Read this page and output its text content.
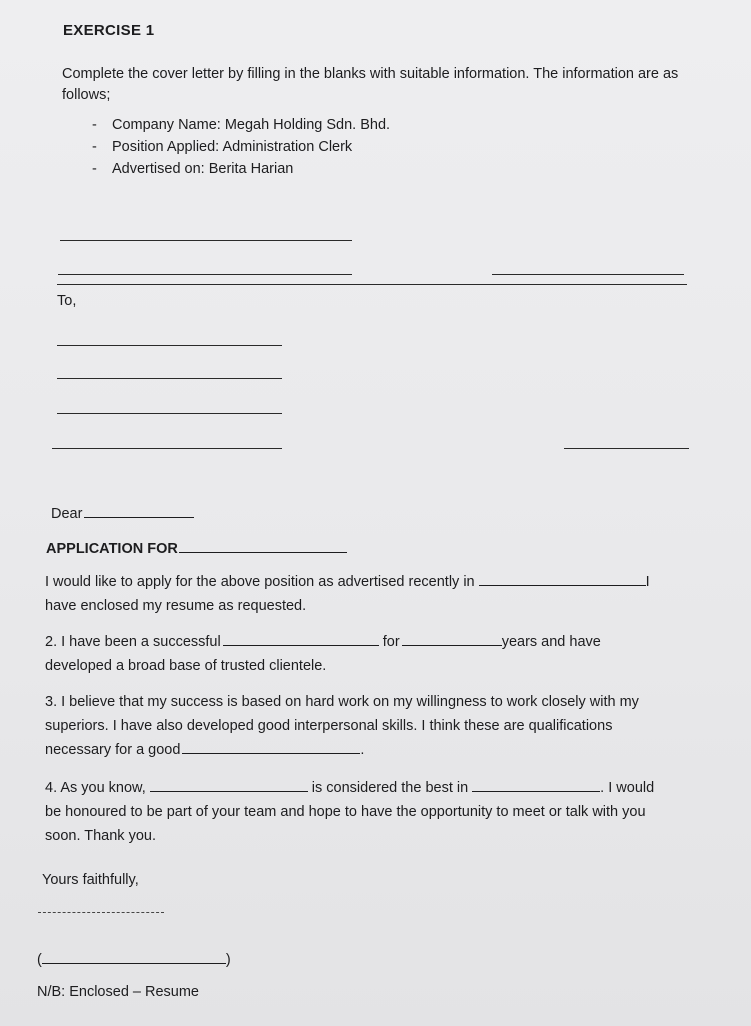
EXERCISE 1
Complete the cover letter by filling in the blanks with suitable information. The information are as follows;
- Company Name: Megah Holding Sdn. Bhd.
- Position Applied: Administration Clerk
- Advertised on: Berita Harian
To,
Dear
APPLICATION FOR
I would like to apply for the above position as advertised recently in	I
have enclosed my resume as requested.
2. I have been a successful	for	years and have
developed a broad base of trusted clientele.
3. I believe that my success is based on hard work on my willingness to work closely with my
superiors. I have also developed good interpersonal skills. I think these are qualifications
necessary for a good	.
4. As you know,	is considered the best in	. I would
be honoured to be part of your team and hope to have the opportunity to meet or talk with you
soon. Thank you.
Yours faithfully,
(	)
N/B: Enclosed – Resume
